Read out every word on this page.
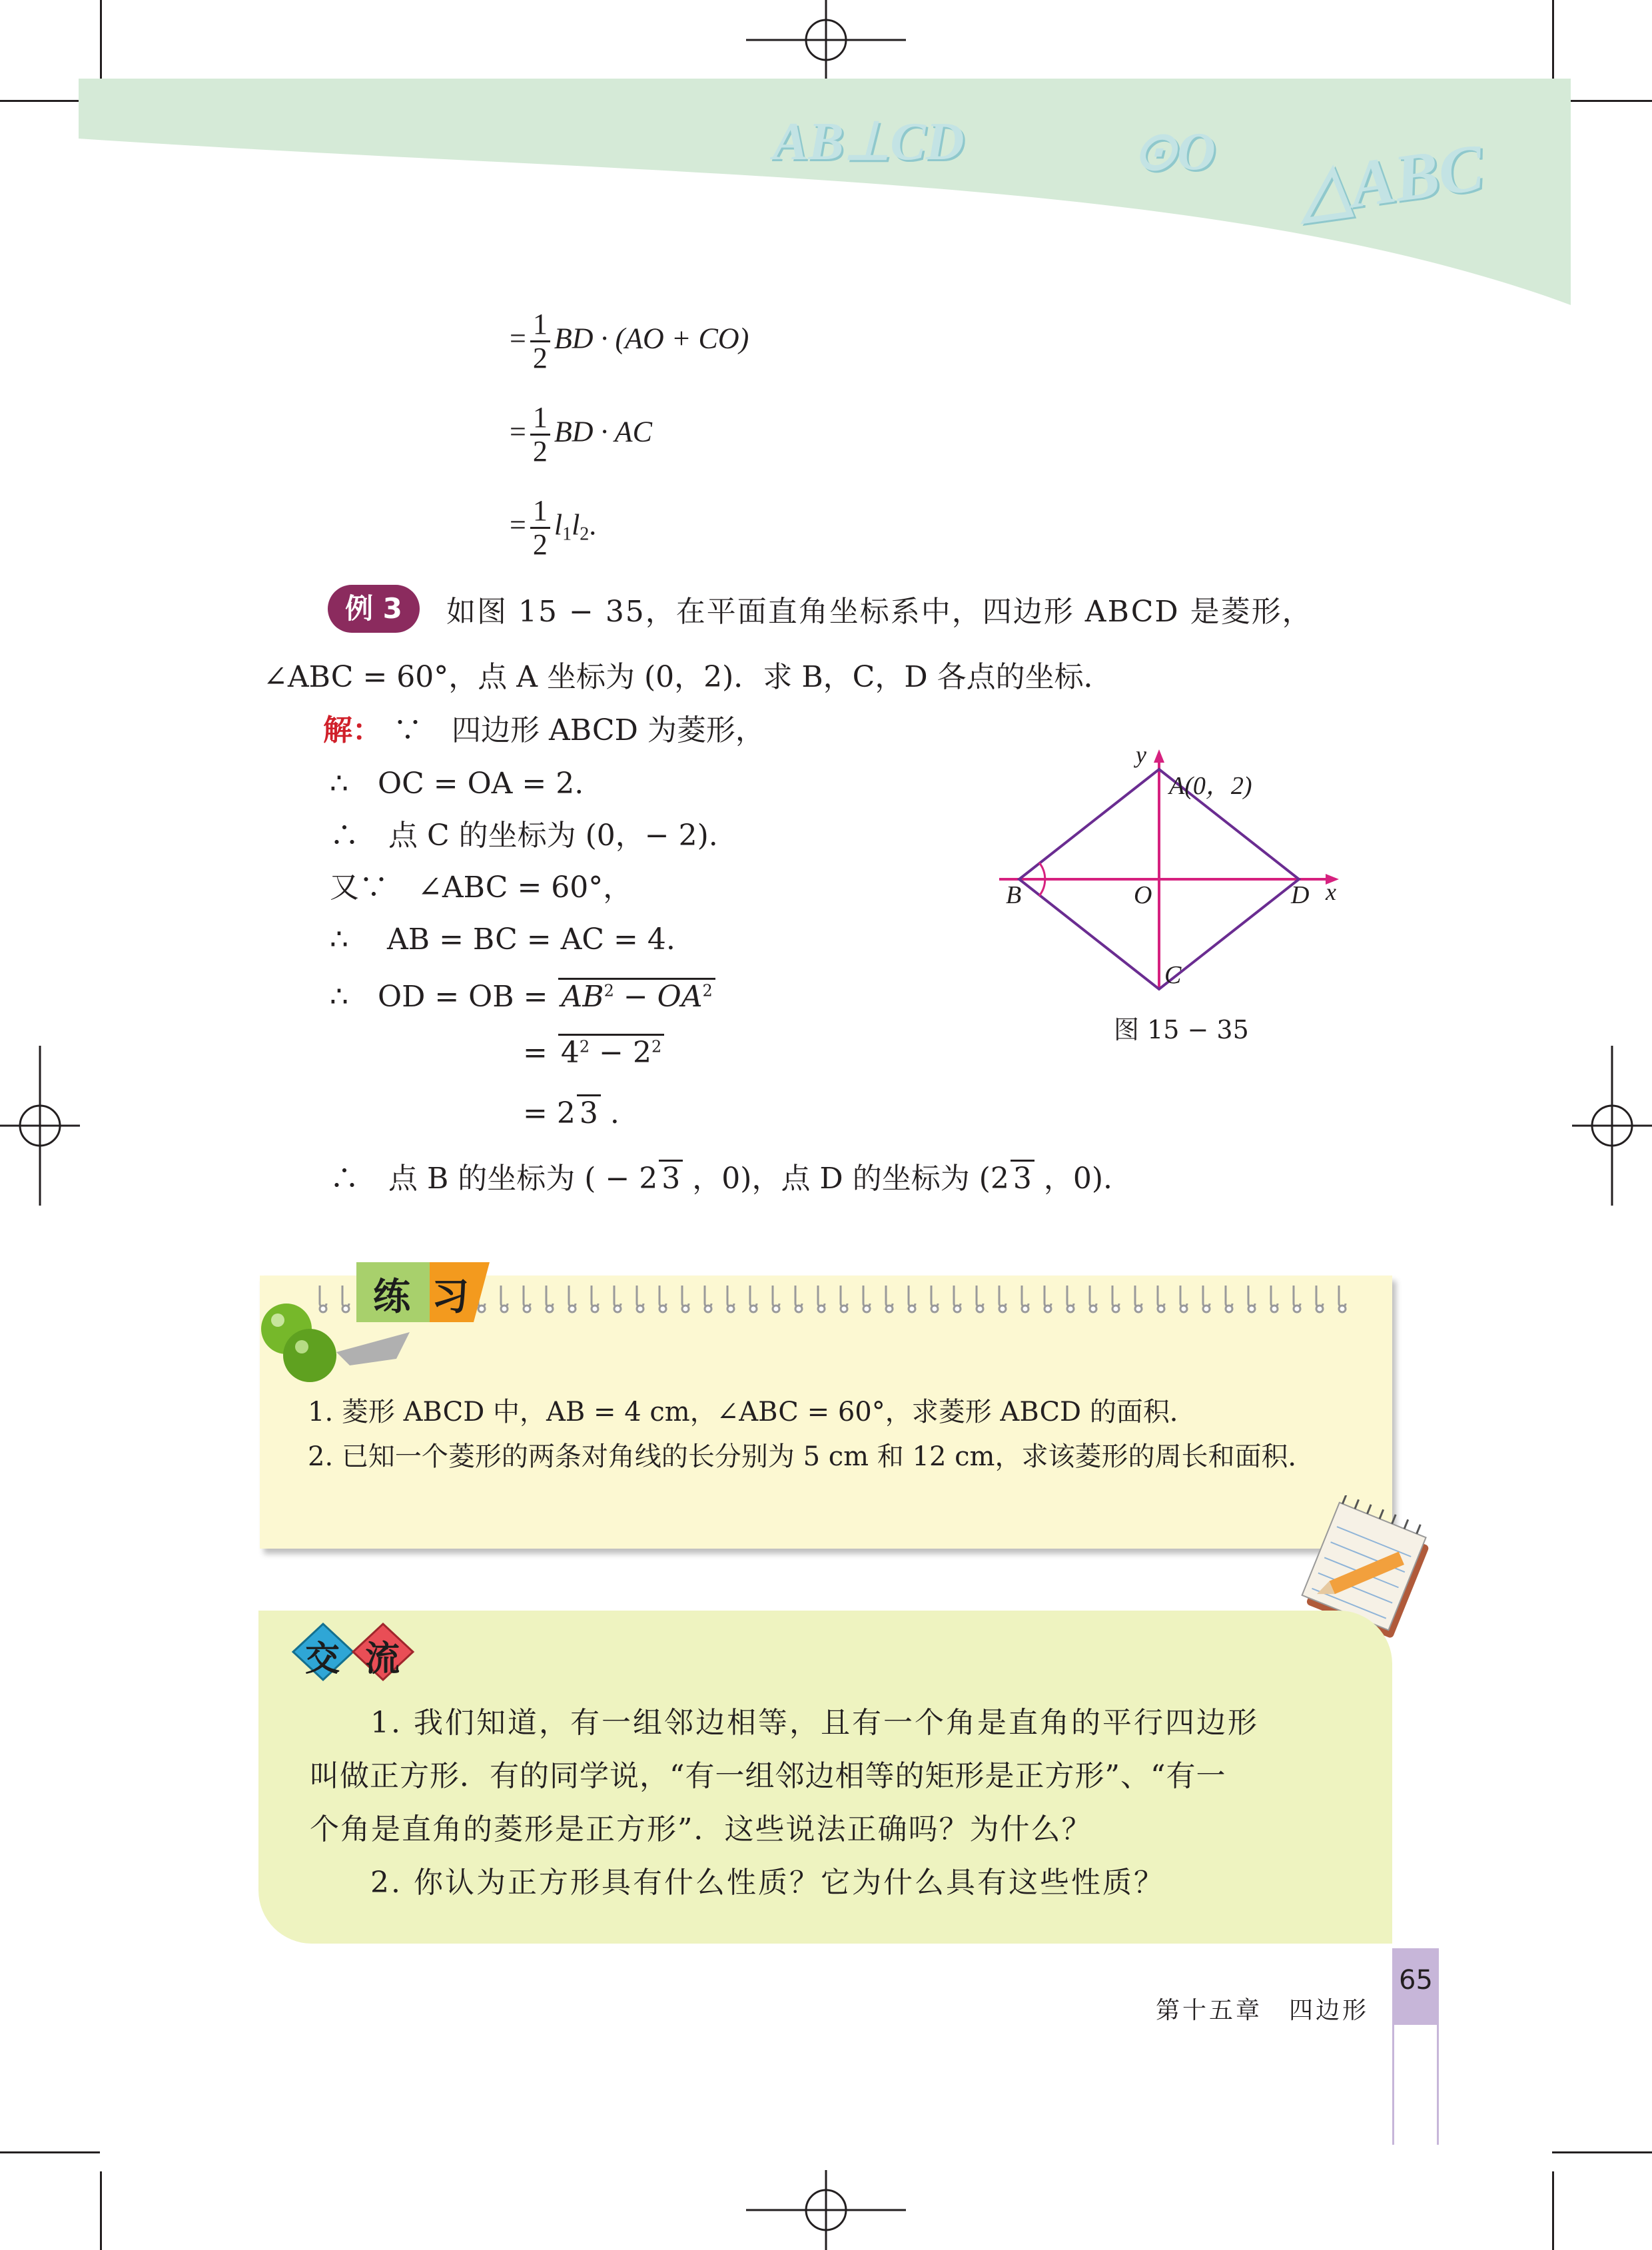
AB⊥CD	⊙O △ABC
= $\frac{1}{2}$ BD · (AO + CO)
= $\frac{1}{2}$ BD · AC
= $\frac{1}{2} l_1l_2$.
例 3	如图 15 − 35，在平面直角坐标系中，四边形 ABCD 是菱形，
∠ABC = 60°，点 A 坐标为 (0，2)．求 B，C，D 各点的坐标．
解： ∵　四边形 ABCD 为菱形，
∴　OC = OA = 2.
∴　点 C 的坐标为 (0，− 2).
又∵　∠ABC = 60°，
∴　 AB = BC = AC = 4.
∴　OD = OB = $AB^2 - OA^2$
= $4^2 - 2^2$
= 2 3 .
∴　点 B 的坐标为 ( − 2 3 ，0)，点 D 的坐标为 (2 3 ，0).
y
x
A(0，2)
B	O	D
C
图 15 − 35
练 习
1. 菱形 ABCD 中，AB = 4 cm，∠ABC = 60°，求菱形 ABCD 的面积．
2. 已知一个菱形的两条对角线的长分别为 5 cm 和 12 cm，求该菱形的周长和面积．
交 流
1. 我们知道，有一组邻边相等，且有一个角是直角的平行四边形
叫做正方形．有的同学说，“有一组邻边相等的矩形是正方形”、“有一
个角是直角的菱形是正方形”．这些说法正确吗？为什么？
2. 你认为正方形具有什么性质？它为什么具有这些性质？
第十五章　四边形
65
